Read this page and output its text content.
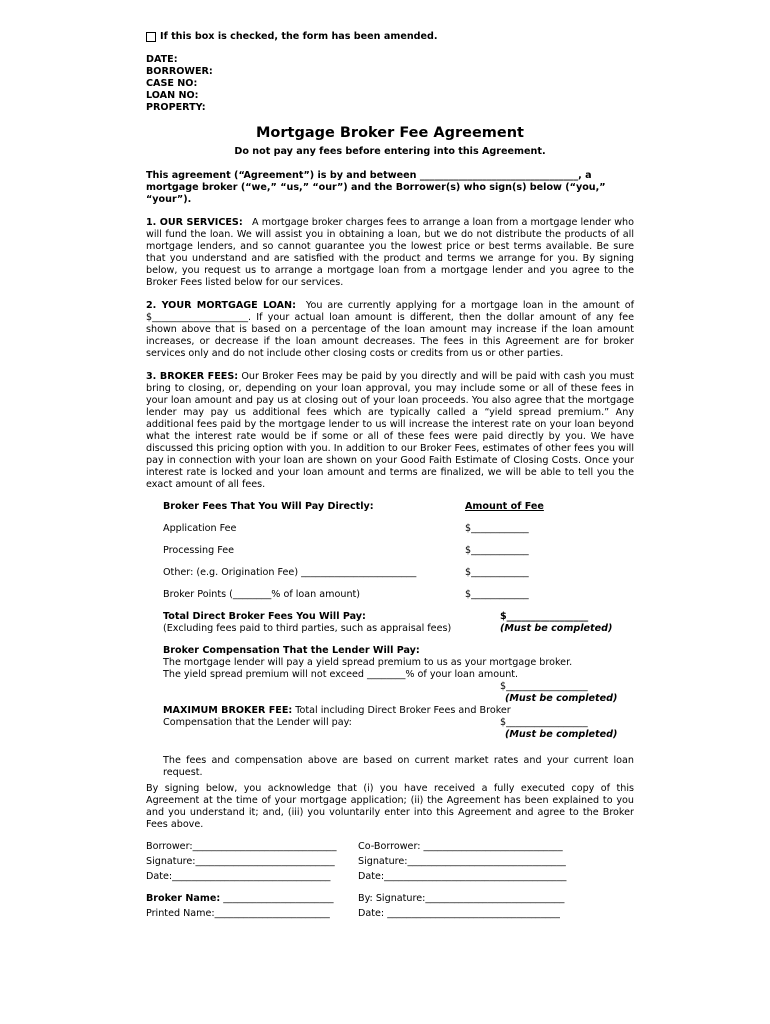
If this box is checked, the form has been amended.
DATE:
BORROWER:
CASE NO:
LOAN NO:
PROPERTY:
Mortgage Broker Fee Agreement
Do not pay any fees before entering into this Agreement.
This agreement (“Agreement”) is by and between _________________________________, a mortgage broker (“we,” “us,” “our”) and the Borrower(s) who sign(s) below (“you,” “your”).
1. OUR SERVICES: A mortgage broker charges fees to arrange a loan from a mortgage lender who will fund the loan. We will assist you in obtaining a loan, but we do not distribute the products of all mortgage lenders, and so cannot guarantee you the lowest price or best terms available. Be sure that you understand and are satisfied with the product and terms we arrange for you. By signing below, you request us to arrange a mortgage loan from a mortgage lender and you agree to the Broker Fees listed below for our services.
2. YOUR MORTGAGE LOAN: You are currently applying for a mortgage loan in the amount of $____________________. If your actual loan amount is different, then the dollar amount of any fee shown above that is based on a percentage of the loan amount may increase if the loan amount increases, or decrease if the loan amount decreases. The fees in this Agreement are for broker services only and do not include other closing costs or credits from us or other parties.
3. BROKER FEES: Our Broker Fees may be paid by you directly and will be paid with cash you must bring to closing, or, depending on your loan approval, you may include some or all of these fees in your loan amount and pay us at closing out of your loan proceeds. You also agree that the mortgage lender may pay us additional fees which are typically called a “yield spread premium.” Any additional fees paid by the mortgage lender to us will increase the interest rate on your loan beyond what the interest rate would be if some or all of these fees were paid directly by you. We have discussed this pricing option with you. In addition to our Broker Fees, estimates of other fees you will pay in connection with your loan are shown on your Good Faith Estimate of Closing Costs. Once your interest rate is locked and your loan amount and terms are finalized, we will be able to tell you the exact amount of all fees.
Broker Fees That You Will Pay Directly:	Amount of Fee
Application Fee	$____________
Processing Fee	$____________
Other: (e.g. Origination Fee) ________________________	$____________
Broker Points (________% of loan amount)	$____________
Total Direct Broker Fees You Will Pay:	$_________________
(Excluding fees paid to third parties, such as appraisal fees)	(Must be completed)
Broker Compensation That the Lender Will Pay:
The mortgage lender will pay a yield spread premium to us as your mortgage broker.
The yield spread premium will not exceed ________% of your loan amount.
$_________________
(Must be completed)
MAXIMUM BROKER FEE: Total including Direct Broker Fees and Broker
Compensation that the Lender will pay:	$_________________
(Must be completed)
The fees and compensation above are based on current market rates and your current loan request.
By signing below, you acknowledge that (i) you have received a fully executed copy of this Agreement at the time of your mortgage application; (ii) the Agreement has been explained to you and you understand it; and, (iii) you voluntarily enter into this Agreement and agree to the Broker Fees above.
Borrower:______________________________ Co-Borrower: _____________________________
Signature:_____________________________ Signature:_________________________________
Date:_________________________________	Date:______________________________________
Broker Name: _______________________	By: Signature:_____________________________
Printed Name:________________________	Date: ____________________________________
